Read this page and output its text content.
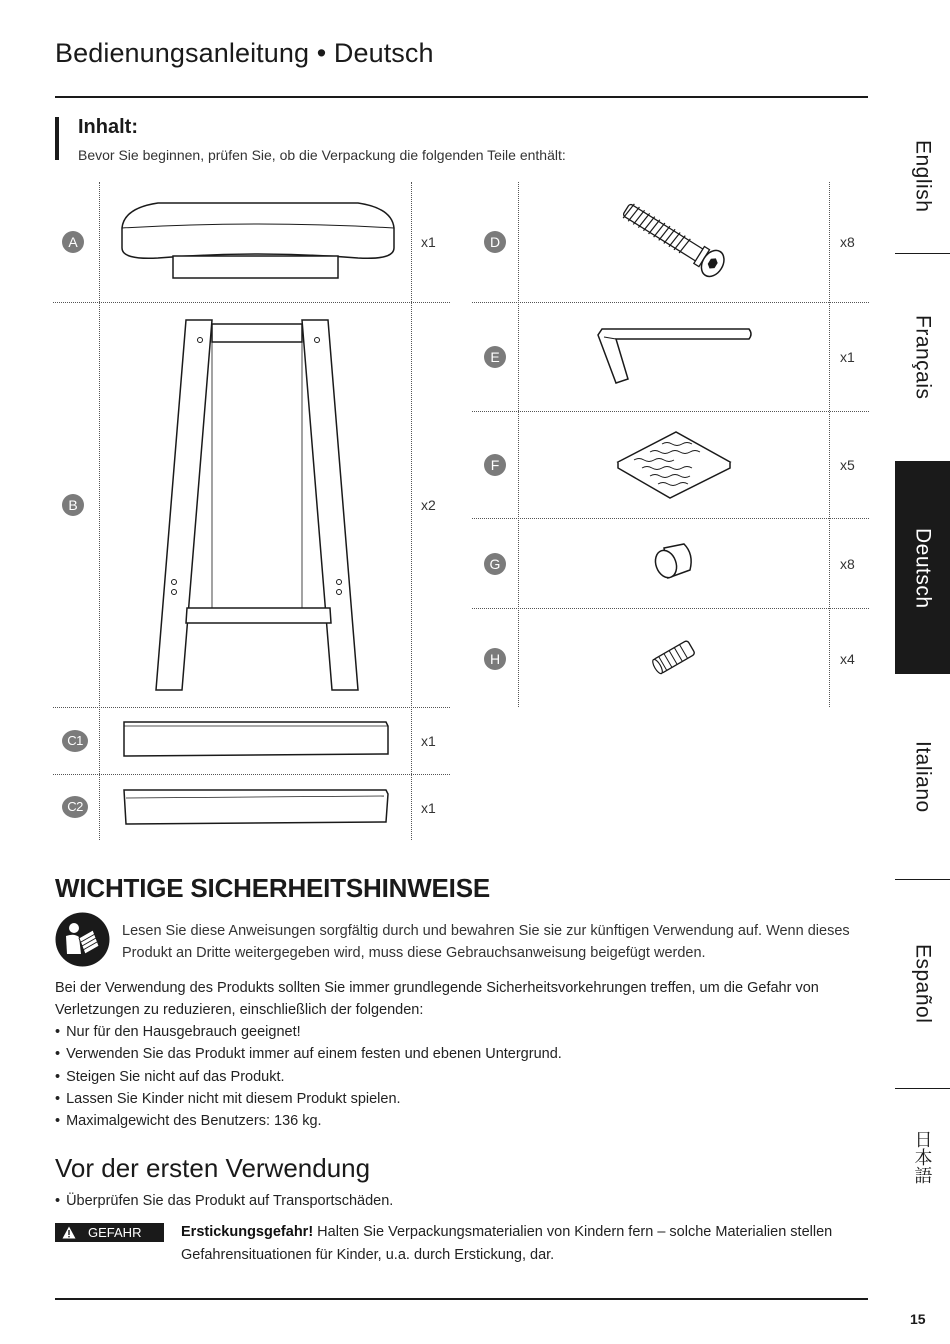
Bedienungsanleitung • Deutsch
Inhalt:
Bevor Sie beginnen, prüfen Sie, ob die Verpackung die folgenden Teile enthält:
A	x1
B	x2
C1	x1
C2	x1
D	x8
E	x1
F	x5
G	x8
H	x4
WICHTIGE SICHERHEITSHINWEISE
Lesen Sie diese Anweisungen sorgfältig durch und bewahren Sie sie zur künftigen Verwendung auf. Wenn dieses Produkt an Dritte weitergegeben wird, muss diese Gebrauchsanweisung beigefügt werden.
Bei der Verwendung des Produkts sollten Sie immer grundlegende Sicherheitsvorkehrungen treffen, um die Gefahr von Verletzungen zu reduzieren, einschließlich der folgenden:
• Nur für den Hausgebrauch geeignet!
• Verwenden Sie das Produkt immer auf einem festen und ebenen Untergrund.
• Steigen Sie nicht auf das Produkt.
• Lassen Sie Kinder nicht mit diesem Produkt spielen.
• Maximalgewicht des Benutzers: 136 kg.
Vor der ersten Verwendung
• Überprüfen Sie das Produkt auf Transportschäden.
GEFAHR	Erstickungsgefahr! Halten Sie Verpackungsmaterialien von Kindern fern – solche Materialien stellen Gefahrensituationen für Kinder, u.a. durch Erstickung, dar.
15
English
Français
Deutsch
Italiano
Español
日本語
